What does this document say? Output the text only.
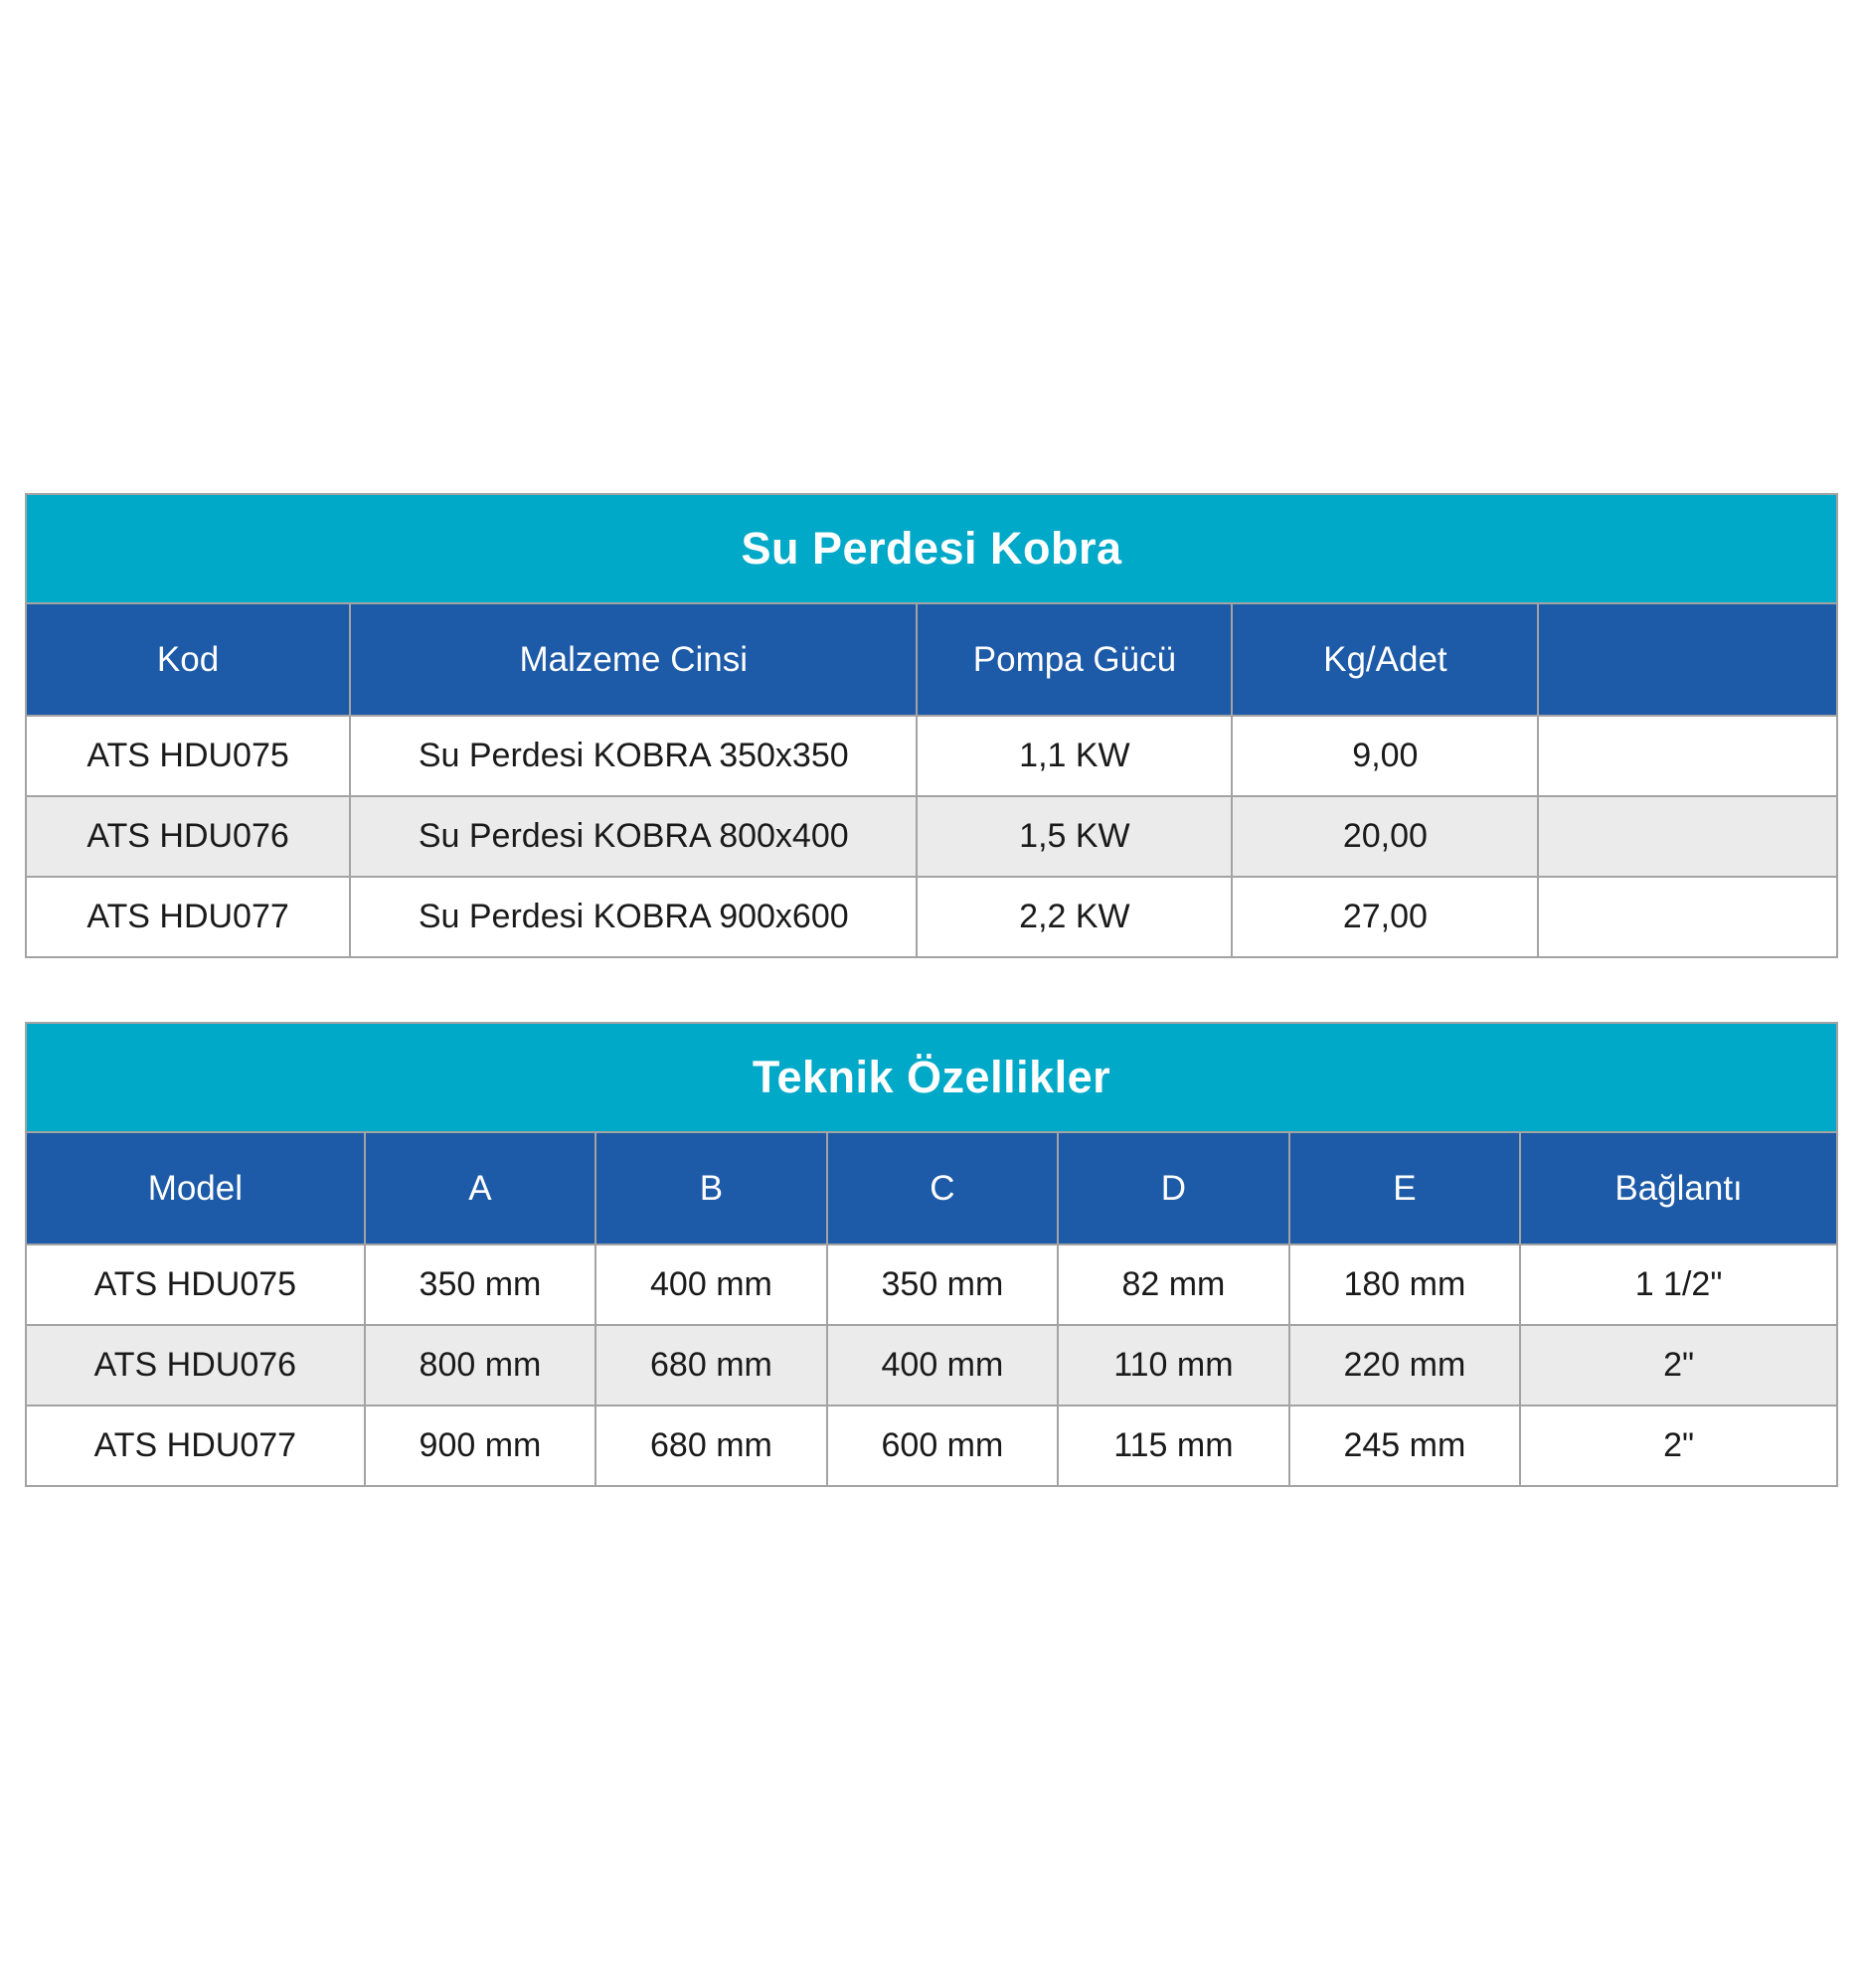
Su Perdesi Kobra				
Kod	Malzeme Cinsi	Pompa Gücü	Kg/Adet	
ATS HDU075	Su Perdesi KOBRA 350x350	1,1 KW	9,00	
ATS HDU076	Su Perdesi KOBRA 800x400	1,5 KW	20,00	
ATS HDU077	Su Perdesi KOBRA 900x600	2,2 KW	27,00	
Teknik Özellikler						
Model	A	B	C	D	E	Bağlantı
ATS HDU075	350 mm	400 mm	350 mm	82 mm	180 mm	1 1/2"
ATS HDU076	800 mm	680 mm	400 mm	110 mm	220 mm	2"
ATS HDU077	900 mm	680 mm	600 mm	115 mm	245 mm	2"
